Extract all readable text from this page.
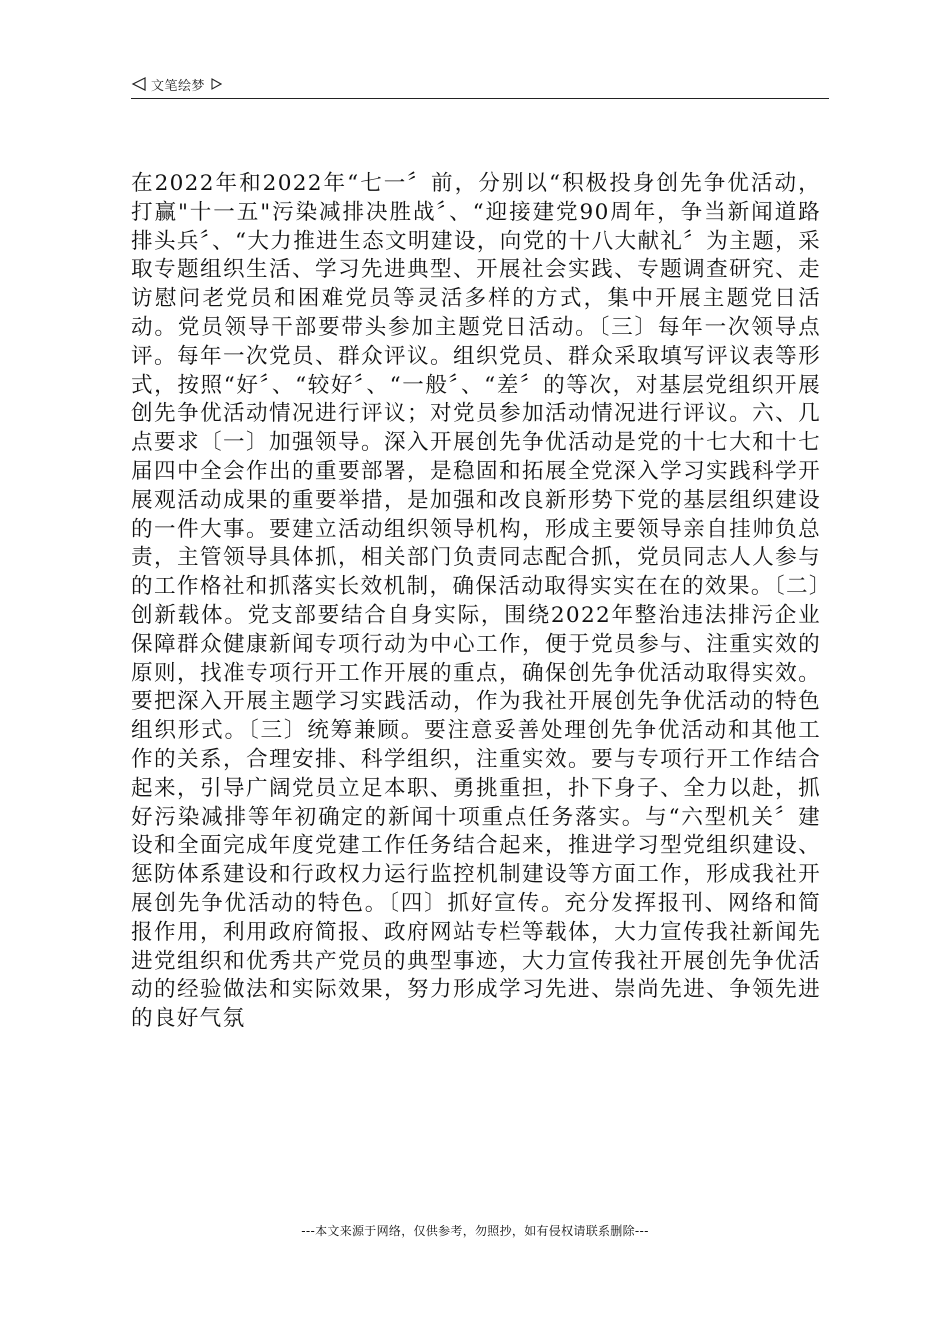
文笔绘梦

在2022年和2022年“七一〞前，分别以“积极投身创先争优活动，打赢"十一五"污染减排决胜战〞、“迎接建党90周年，争当新闻道路排头兵〞、“大力推进生态文明建设，向党的十八大献礼〞为主题，采取专题组织生活、学习先进典型、开展社会实践、专题调查研究、走访慰问老党员和困难党员等灵活多样的方式，集中开展主题党日活动。党员领导干部要带头参加主题党日活动。〔三〕每年一次领导点评。每年一次党员、群众评议。组织党员、群众采取填写评议表等形式，按照“好〞、“较好〞、“一般〞、“差〞的等次，对基层党组织开展创先争优活动情况进行评议；对党员参加活动情况进行评议。六、几点要求〔一〕加强领导。深入开展创先争优活动是党的十七大和十七届四中全会作出的重要部署，是稳固和拓展全党深入学习实践科学开展观活动成果的重要举措，是加强和改良新形势下党的基层组织建设的一件大事。要建立活动组织领导机构，形成主要领导亲自挂帅负总责，主管领导具体抓，相关部门负责同志配合抓，党员同志人人参与的工作格社和抓落实长效机制，确保活动取得实实在在的效果。〔二〕创新载体。党支部要结合自身实际，围绕2022年整治违法排污企业保障群众健康新闻专项行动为中心工作，便于党员参与、注重实效的原则，找准专项行开工作开展的重点，确保创先争优活动取得实效。要把深入开展主题学习实践活动，作为我社开展创先争优活动的特色组织形式。〔三〕统筹兼顾。要注意妥善处理创先争优活动和其他工作的关系，合理安排、科学组织，注重实效。要与专项行开工作结合起来，引导广阔党员立足本职、勇挑重担，扑下身子、全力以赴，抓好污染减排等年初确定的新闻十项重点任务落实。与“六型机关〞建设和全面完成年度党建工作任务结合起来，推进学习型党组织建设、惩防体系建设和行政权力运行监控机制建设等方面工作，形成我社开展创先争优活动的特色。〔四〕抓好宣传。充分发挥报刊、网络和简报作用，利用政府简报、政府网站专栏等载体，大力宣传我社新闻先进党组织和优秀共产党员的典型事迹，大力宣传我社开展创先争优活动的经验做法和实际效果，努力形成学习先进、崇尚先进、争领先进的良好气氛

---本文来源于网络，仅供参考，勿照抄，如有侵权请联系删除---
